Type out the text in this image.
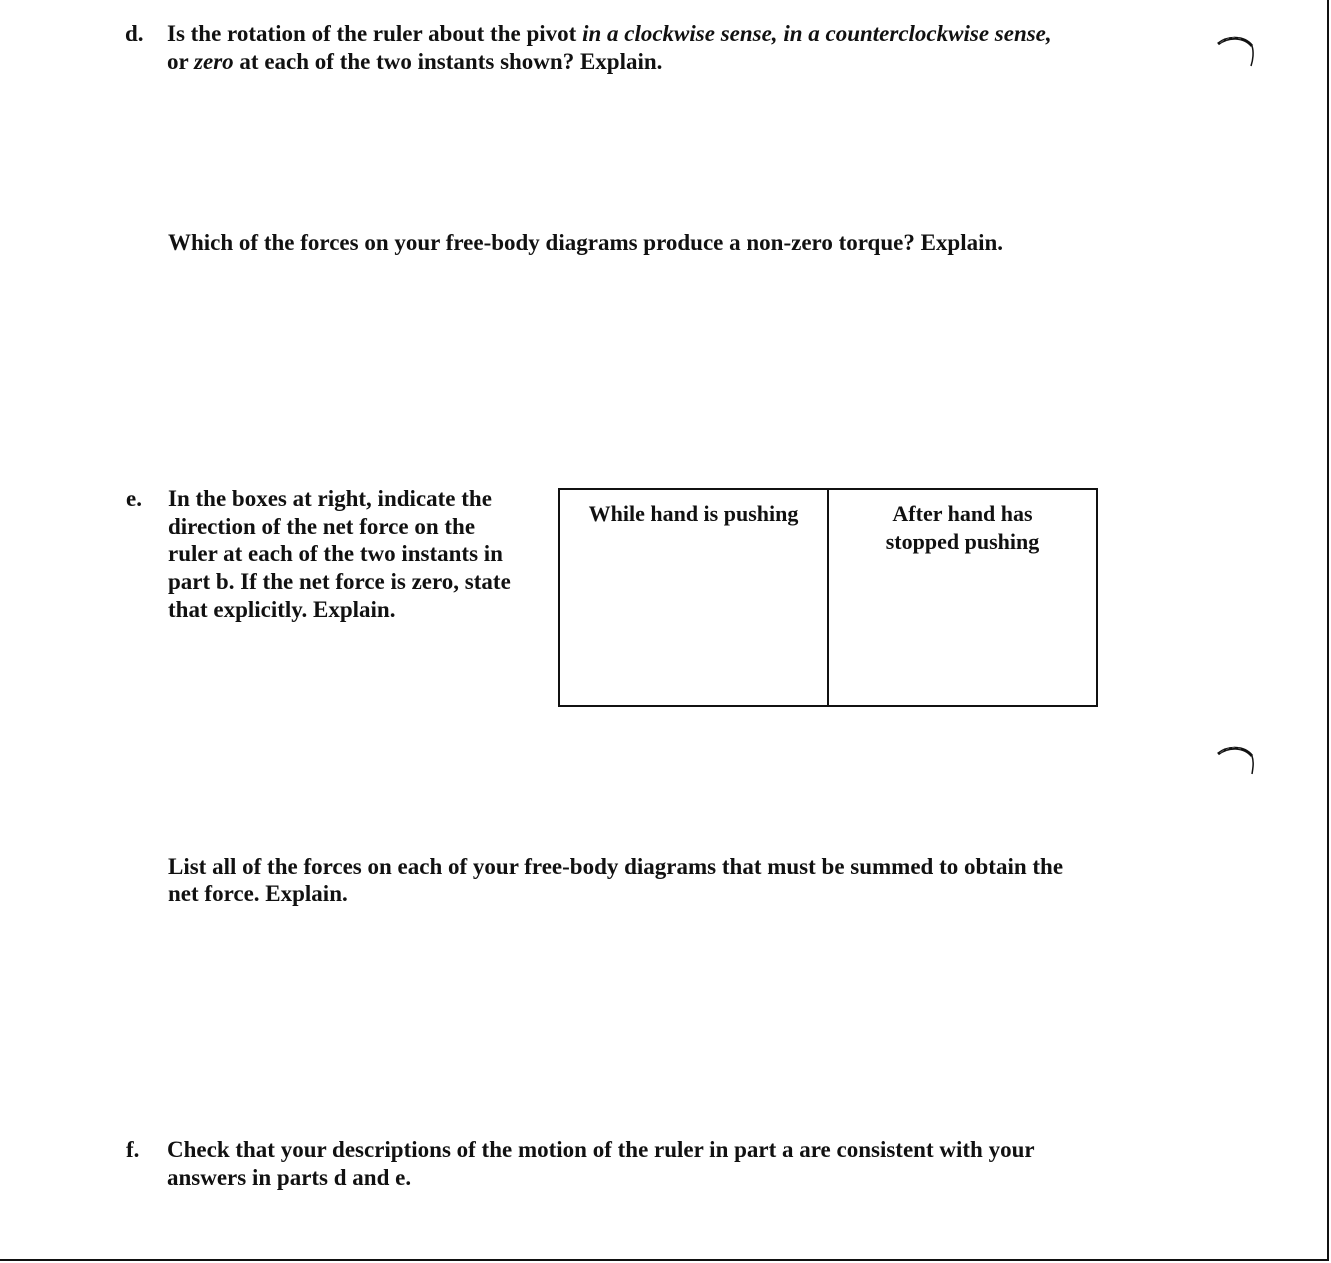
d. Is the rotation of the ruler about the pivot in a clockwise sense, in a counterclockwise sense,
or zero at each of the two instants shown? Explain.
Which of the forces on your free-body diagrams produce a non-zero torque? Explain.
e. In the boxes at right, indicate the
direction of the net force on the
ruler at each of the two instants in
part b. If the net force is zero, state
that explicitly. Explain.
While hand is pushing	After hand has
stopped pushing
List all of the forces on each of your free-body diagrams that must be summed to obtain the
net force. Explain.
f. Check that your descriptions of the motion of the ruler in part a are consistent with your
answers in parts d and e.
